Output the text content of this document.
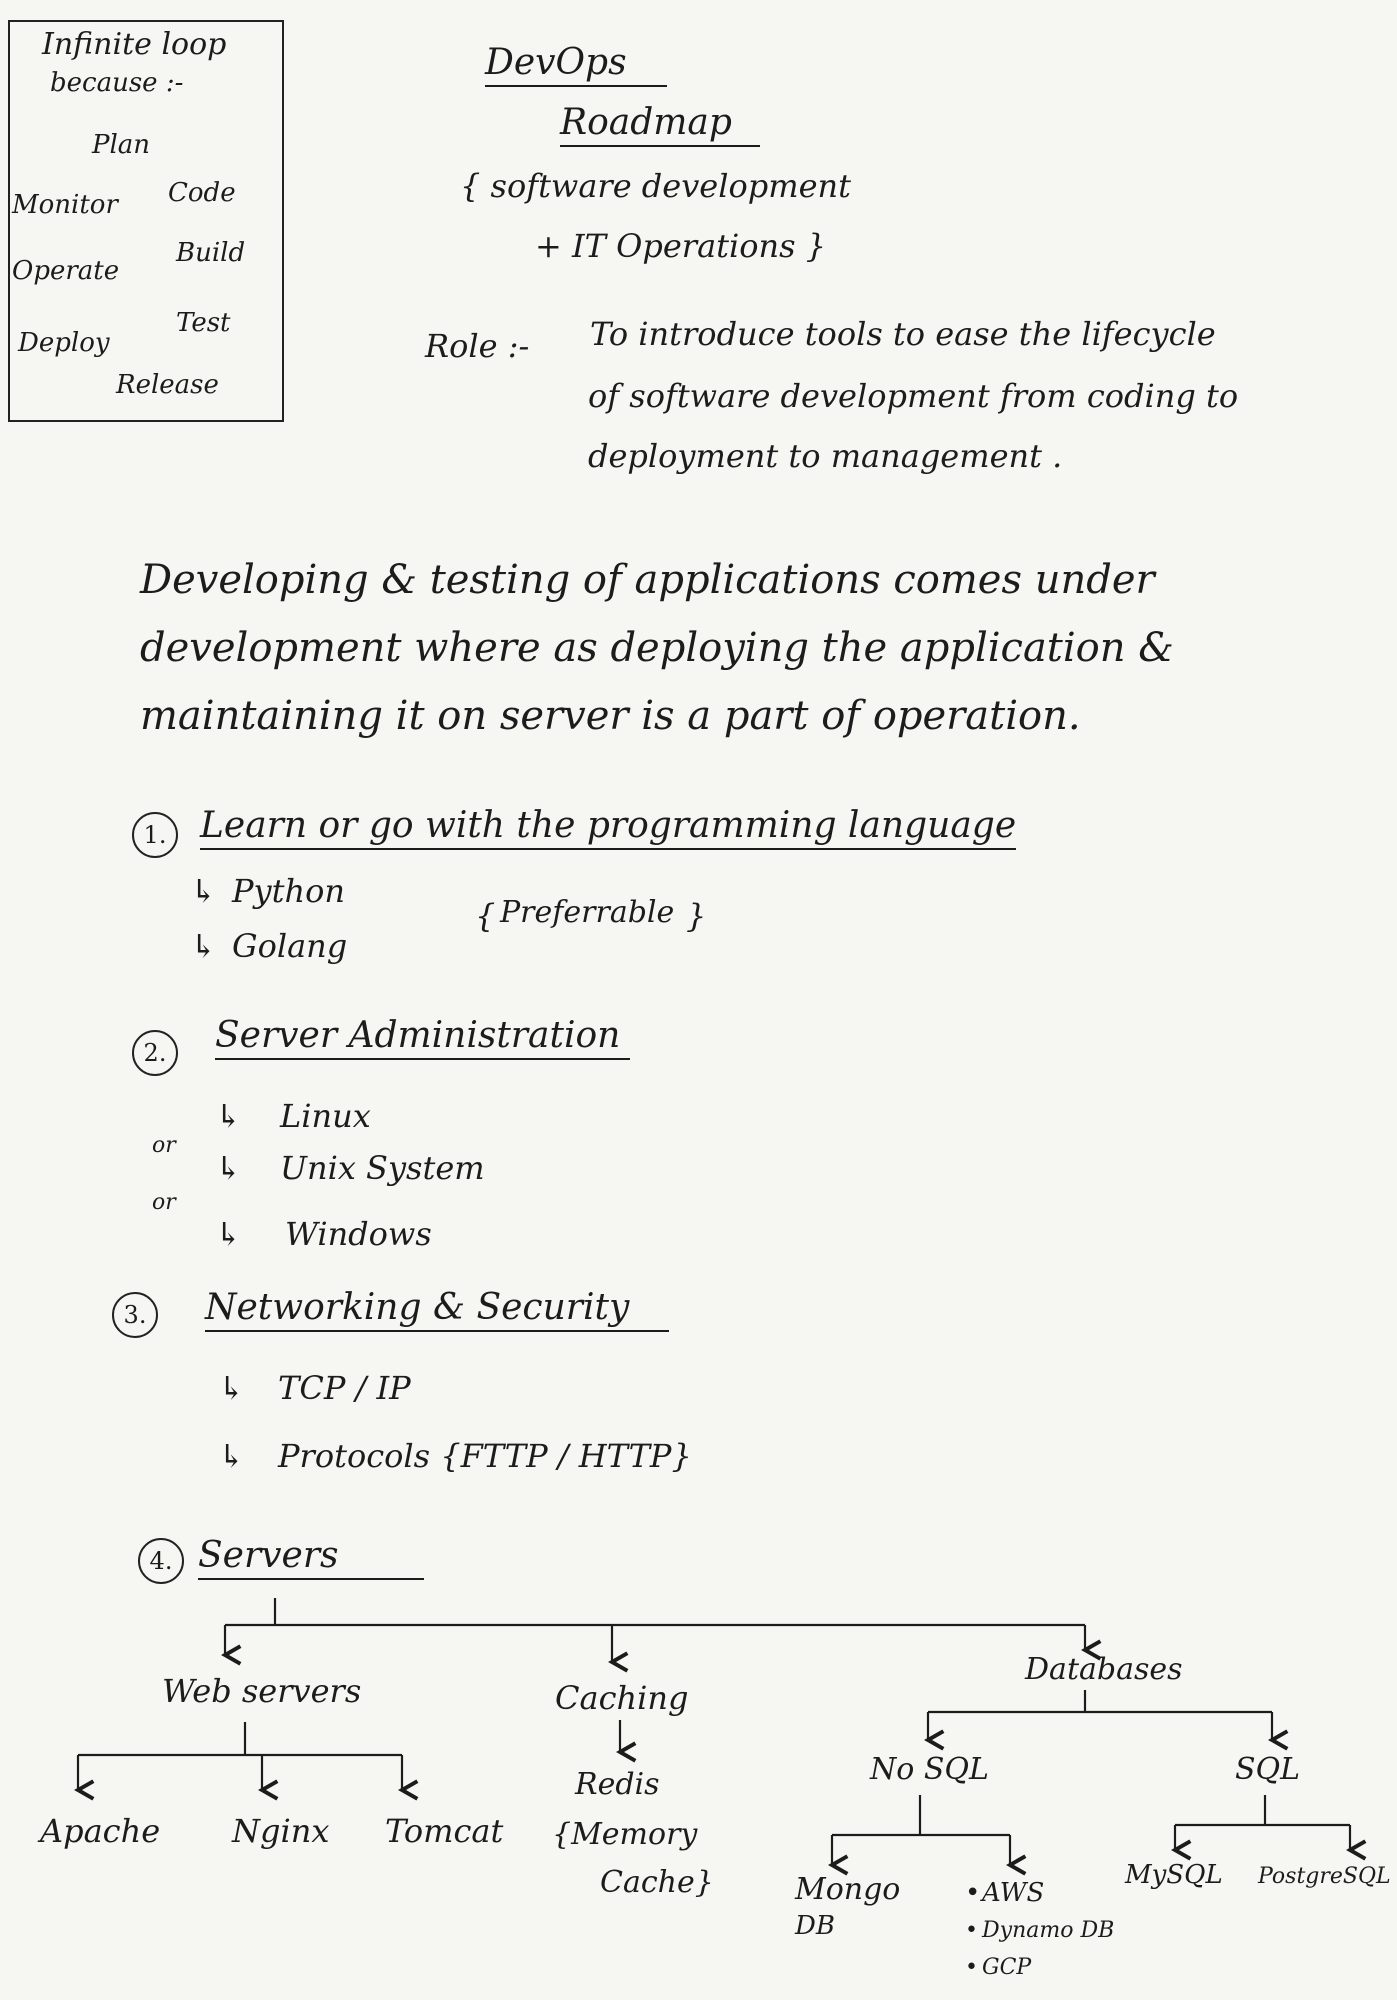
Infinite loop
because :-
Plan
Code
Build
Test
Release
Deploy
Operate
Monitor
DevOps
Roadmap
{ software development
+ IT Operations }
Role :- To introduce tools to ease the lifecycle
of software development from coding to
deployment to management .
Developing & testing of applications comes under
development where as deploying the application &
maintaining it on server is a part of operation.
1. Learn or go with the programming language
↳ Python
↳ Golang
{ Preferrable }
2.	Server Administration
↳ Linux
or
↳ Unix System
or
↳ Windows
3.	Networking & Security
↳ TCP / IP
↳ Protocols {FTTP / HTTP}
4. Servers
Web servers	Caching
Databases
Apache Nginx Tomcat
Redis
{Memory
Cache}
No SQL	SQL
Mongo
DB
• AWS
• Dynamo DB
• GCP
MySQL PostgreSQL
